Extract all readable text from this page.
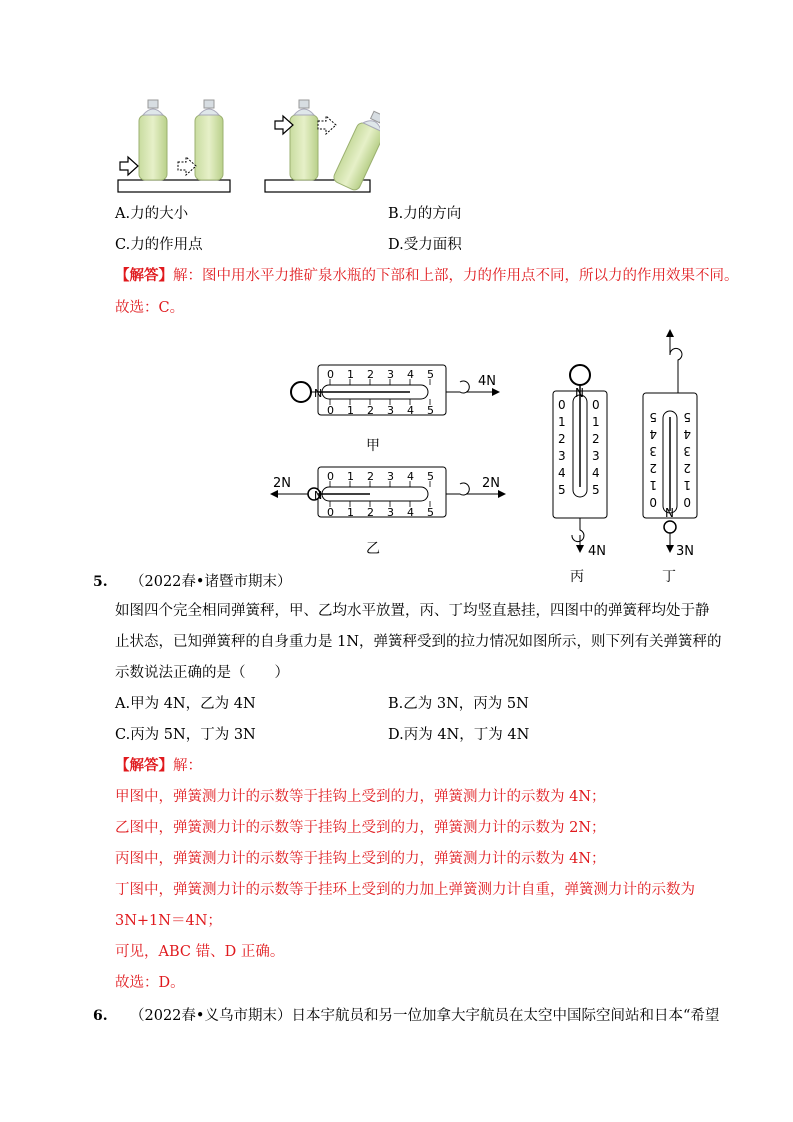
A.力的大小	B.力的方向
C.力的作用点	D.受力面积
【解答】解：图中用水平力推矿泉水瓶的下部和上部，力的作用点不同，所以力的作用效果不同。
故选：C。
0 1 2 3 4 5
0 1 2 3 4 5
N
4N
甲
0 1 2 3 4 5
0 1 2 3 4 5
N
2N	2N
乙
0 0
1 1
2 2
3 3
4 4
5 5
N
4N
丙
5 5
4 4
3 3
2 2
1 1
0 0
N
3N
丁
5. （2022春•诸暨市期末）
如图四个完全相同弹簧秤，甲、乙均水平放置，丙、丁均竖直悬挂，四图中的弹簧秤均处于静
止状态，已知弹簧秤的自身重力是 1N，弹簧秤受到的拉力情况如图所示，则下列有关弹簧秤的
示数说法正确的是（　　）
A.甲为 4N，乙为 4N	B.乙为 3N，丙为 5N
C.丙为 5N，丁为 3N	D.丙为 4N，丁为 4N
【解答】解：
甲图中，弹簧测力计的示数等于挂钩上受到的力，弹簧测力计的示数为 4N；
乙图中，弹簧测力计的示数等于挂钩上受到的力，弹簧测力计的示数为 2N；
丙图中，弹簧测力计的示数等于挂钩上受到的力，弹簧测力计的示数为 4N；
丁图中，弹簧测力计的示数等于挂环上受到的力加上弹簧测力计自重，弹簧测力计的示数为
3N+1N＝4N；
可见，ABC 错、D 正确。
故选：D。
6. （2022春•义乌市期末）日本宇航员和另一位加拿大宇航员在太空中国际空间站和日本“希望
